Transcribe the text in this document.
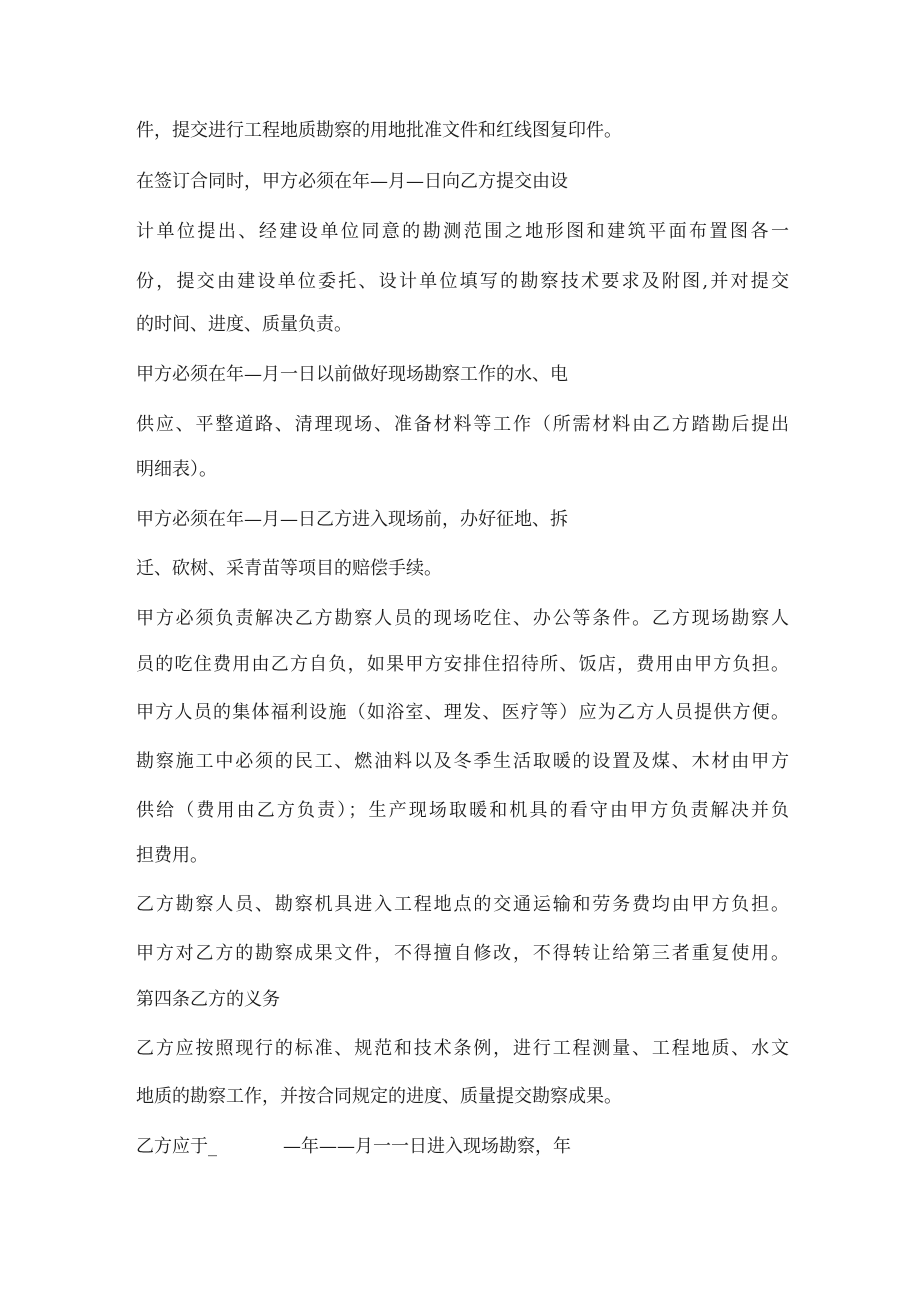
件，提交进行工程地质勘察的用地批准文件和红线图复印件。

在签订合同时，甲方必须在年—月—日向乙方提交由设

计单位提出、经建设单位同意的勘测范围之地形图和建筑平面布置图各一

份，提交由建设单位委托、设计单位填写的勘察技术要求及附图,并对提交

的时间、进度、质量负责。

甲方必须在年—月一日以前做好现场勘察工作的水、电

供应、平整道路、清理现场、准备材料等工作（所需材料由乙方踏勘后提出

明细表）。

甲方必须在年—月—日乙方进入现场前，办好征地、拆

迁、砍树、采青苗等项目的赔偿手续。

甲方必须负责解决乙方勘察人员的现场吃住、办公等条件。乙方现场勘察人

员的吃住费用由乙方自负，如果甲方安排住招待所、饭店，费用由甲方负担。

甲方人员的集体福利设施（如浴室、理发、医疗等）应为乙方人员提供方便。

勘察施工中必须的民工、燃油料以及冬季生活取暖的设置及煤、木材由甲方

供给（费用由乙方负责）；生产现场取暖和机具的看守由甲方负责解决并负

担费用。

乙方勘察人员、勘察机具进入工程地点的交通运输和劳务费均由甲方负担。

甲方对乙方的勘察成果文件，不得擅自修改，不得转让给第三者重复使用。

第四条乙方的义务

乙方应按照现行的标准、规范和技术条例，进行工程测量、工程地质、水文

地质的勘察工作，并按合同规定的进度、质量提交勘察成果。

乙方应于_	—年——月一一日进入现场勘察，年
